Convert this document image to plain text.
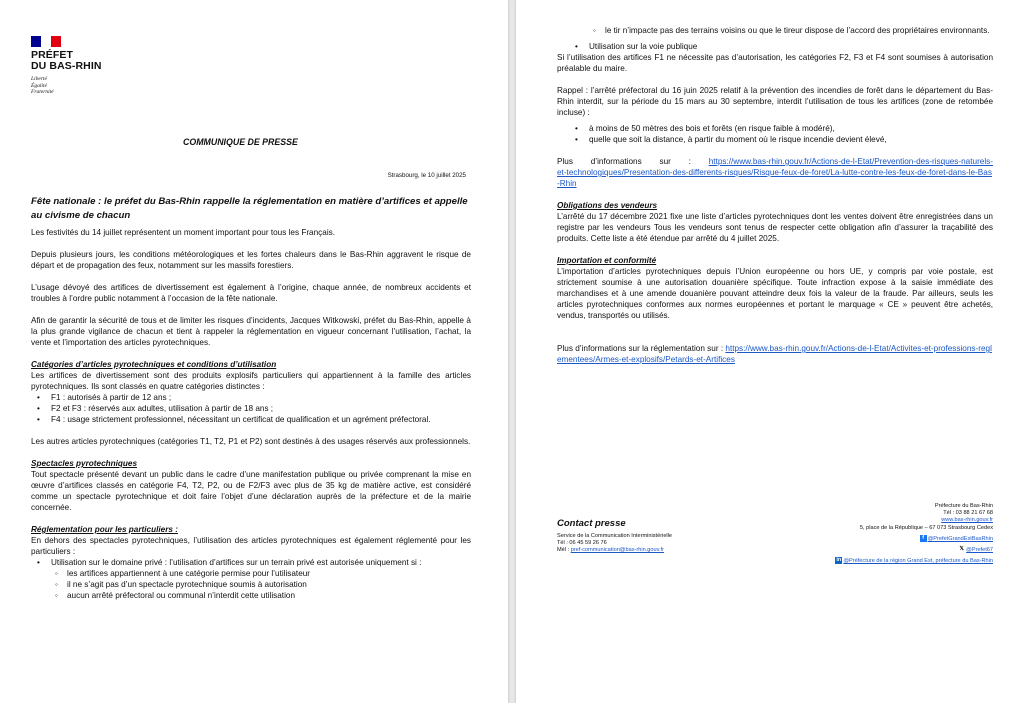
PRÉFET
DU BAS-RHIN
Liberté
Égalité
Fraternité
COMMUNIQUE DE PRESSE
Strasbourg, le 10 juillet 2025
Fête nationale : le préfet du Bas-Rhin rappelle la réglementation en matière d’artifices et appelle au civisme de chacun

Les festivités du 14 juillet représentent un moment important pour tous les Français.

Depuis plusieurs jours, les conditions météorologiques et les fortes chaleurs dans le Bas-Rhin aggravent le risque de départ et de propagation des feux, notamment sur les massifs forestiers.

L’usage dévoyé des artifices de divertissement est également à l’origine, chaque année, de nombreux accidents et troubles à l’ordre public notamment à l’occasion de la fête nationale.

Afin de garantir la sécurité de tous et de limiter les risques d’incidents, Jacques Witkowski, préfet du Bas-Rhin, appelle à la plus grande vigilance de chacun et tient à rappeler la réglementation en vigueur concernant l’utilisation, l’achat, la vente et l’importation des articles pyrotechniques.

Catégories d’articles pyrotechniques et conditions d’utilisation

Les artifices de divertissement sont des produits explosifs particuliers qui appartiennent à la famille des articles pyrotechniques. Ils sont classés en quatre catégories distinctes :

• F1 : autorisés à partir de 12 ans ;
• F2 et F3 : réservés aux adultes, utilisation à partir de 18 ans ;
• F4 : usage strictement professionnel, nécessitant un certificat de qualification et un agrément préfectoral.

Les autres articles pyrotechniques (catégories T1, T2, P1 et P2) sont destinés à des usages réservés aux professionnels.

Spectacles pyrotechniques

Tout spectacle présenté devant un public dans le cadre d’une manifestation publique ou privée comprenant la mise en œuvre d’artifices classés en catégorie F4, T2, P2, ou de F2/F3 avec plus de 35 kg de matière active, est considéré comme un spectacle pyrotechnique et doit faire l’objet d’une déclaration auprès de la préfecture et de la mairie concernée.

Réglementation pour les particuliers :

En dehors des spectacles pyrotechniques, l’utilisation des articles pyrotechniques est également réglementé pour les particuliers :

• Utilisation sur le domaine privé : l’utilisation d’artifices sur un terrain privé est autorisée uniquement si :
◦ les artifices appartiennent à une catégorie permise pour l’utilisateur
◦ il ne s’agit pas d’un spectacle pyrotechnique soumis à autorisation
◦ aucun arrêté préfectoral ou communal n’interdit cette utilisation
◦ le tir n’impacte pas des terrains voisins ou que le tireur dispose de l’accord des propriétaires environnants.
• Utilisation sur la voie publique

Si l’utilisation des artifices F1 ne nécessite pas d’autorisation, les catégories F2, F3 et F4 sont soumises à autorisation préalable du maire.

Rappel : l’arrêté préfectoral du 16 juin 2025 relatif à la prévention des incendies de forêt dans le département du Bas-Rhin interdit, sur la période du 15 mars au 30 septembre, interdit l’utilisation de tous les artifices (zone de retombée incluse) :

• à moins de 50 mètres des bois et forêts (en risque faible à modéré),
• quelle que soit la distance, à partir du moment où le risque incendie devient élevé,

Plus d’informations sur : https://www.bas-rhin.gouv.fr/Actions-de-l-Etat/Prevention-des-risques-naturels-et-technologiques/Presentation-des-differents-risques/Risque-feux-de-foret/La-lutte-contre-les-feux-de-foret-dans-le-Bas-Rhin

Obligations des vendeurs

L’arrêté du 17 décembre 2021 fixe une liste d’articles pyrotechniques dont les ventes doivent être enregistrées dans un registre par les vendeurs Tous les vendeurs sont tenus de respecter cette obligation afin d’assurer la traçabilité des produits. Cette liste a été étendue par arrêté du 4 juillet 2025.

Importation et conformité

L’importation d’articles pyrotechniques depuis l’Union européenne ou hors UE, y compris par voie postale, est strictement soumise à une autorisation douanière spécifique. Toute infraction expose à la saisie immédiate des marchandises et à une amende douanière pouvant atteindre deux fois la valeur de la fraude. Par ailleurs, seuls les articles pyrotechniques conformes aux normes européennes et portant le marquage « CE » peuvent être achetés, vendus, transportés ou utilisés.

Plus d’informations sur la réglementation sur : https://www.bas-rhin.gouv.fr/Actions-de-l-Etat/Activites-et-professions-reglementees/Armes-et-explosifs/Petards-et-Artifices

Contact presse
Service de la Communication Interministérielle
Tél : 06 45 59 26 76
Mél : pref-communication@bas-rhin.gouv.fr
Préfecture du Bas-Rhin
Tél : 03 88 21 67 68
www.bas-rhin.gouv.fr
5, place de la République – 67 073 Strasbourg Cedex
f @PrefetGrandEstBasRhin
𝕏 @Prefet67
in @Préfecture de la région Grand Est, préfecture du Bas-Rhin
